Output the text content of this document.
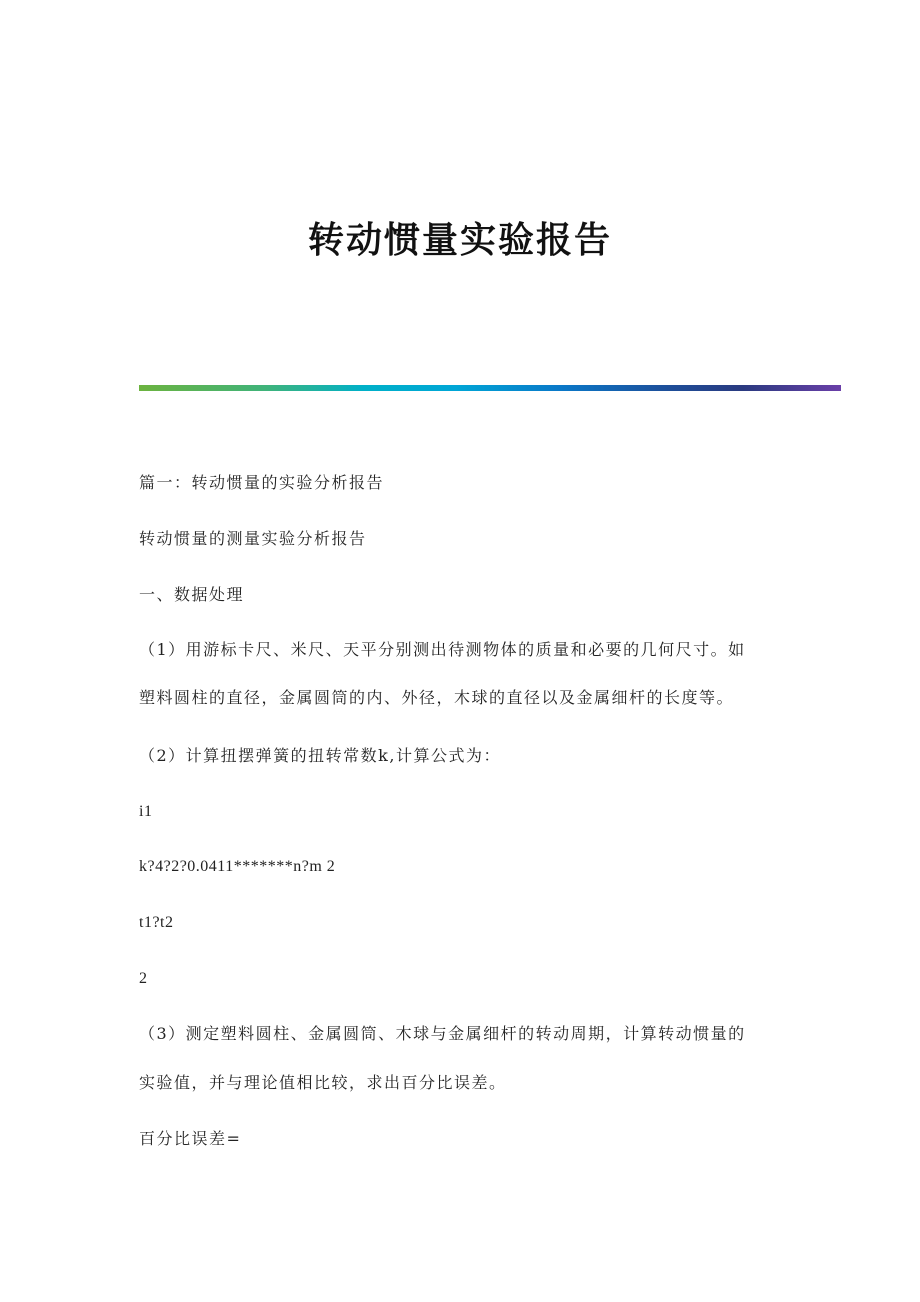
转动惯量实验报告
篇一：转动惯量的实验分析报告
转动惯量的测量实验分析报告
一、数据处理
（1）用游标卡尺、米尺、天平分别测出待测物体的质量和必要的几何尺寸。如
塑料圆柱的直径，金属圆筒的内、外径，木球的直径以及金属细杆的长度等。
（2）计算扭摆弹簧的扭转常数k,计算公式为：
i1
k?4?2?0.0411*******n?m 2
t1?t2
2
（3）测定塑料圆柱、金属圆筒、木球与金属细杆的转动周期，计算转动惯量的
实验值，并与理论值相比较，求出百分比误差。
百分比误差=
